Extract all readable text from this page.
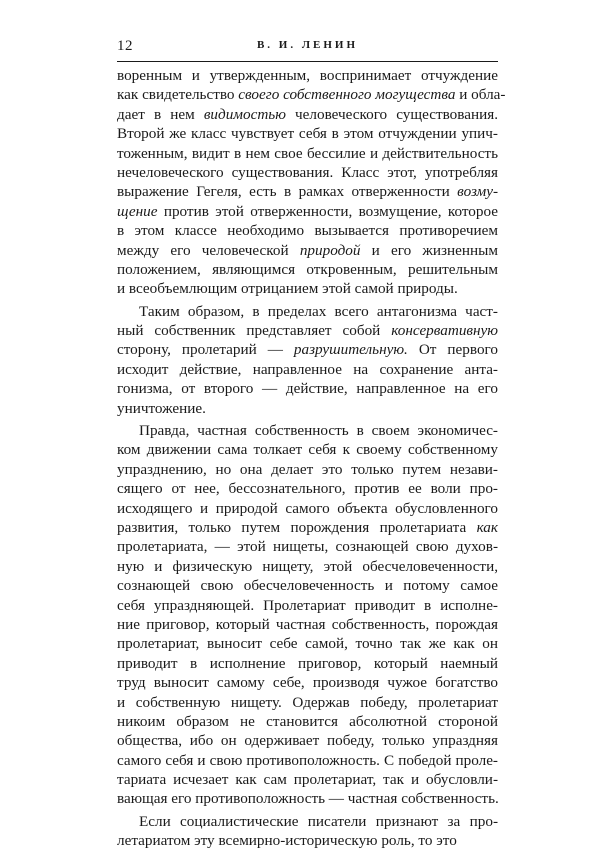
12	В. И. ЛЕНИН
воренным и утвержденным, воспринимает отчуждение
как свидетельство своего собственного могущества и обла-
дает в нем видимостью человеческого существования.
Второй же класс чувствует себя в этом отчуждении упич-
тоженным, видит в нем свое бессилие и действительность
нечеловеческого существования. Класс этот, употребляя
выражение Гегеля, есть в рамках отверженности возму-
щение против этой отверженности, возмущение, которое
в этом классе необходимо вызывается противоречием
между его человеческой природой и его жизненным
положением, являющимся откровенным, решительным
и всеобъемлющим отрицанием этой самой природы.
Таким образом, в пределах всего антагонизма част-
ный собственник представляет собой консервативную
сторону, пролетарий — разрушительную. От первого
исходит действие, направленное на сохранение анта-
гонизма, от второго — действие, направленное на его
уничтожение.
Правда, частная собственность в своем экономичес-
ком движении сама толкает себя к своему собственному
упразднению, но она делает это только путем незави-
сящего от нее, бессознательного, против ее воли про-
исходящего и природой самого объекта обусловленного
развития, только путем порождения пролетариата как
пролетариата, — этой нищеты, сознающей свою духов-
ную и физическую нищету, этой обесчеловеченности,
сознающей свою обесчеловеченность и потому самое
себя упраздняющей. Пролетариат приводит в исполне-
ние приговор, который частная собственность, порождая
пролетариат, выносит себе самой, точно так же как он
приводит в исполнение приговор, который наемный
труд выносит самому себе, производя чужое богатство
и собственную нищету. Одержав победу, пролетариат
никоим образом не становится абсолютной стороной
общества, ибо он одерживает победу, только упраздняя
самого себя и свою противоположность. С победой проле-
тариата исчезает как сам пролетариат, так и обусловли-
вающая его противоположность — частная собственность.
Если социалистические писатели признают за про-
летариатом эту всемирно-историческую роль, то это
